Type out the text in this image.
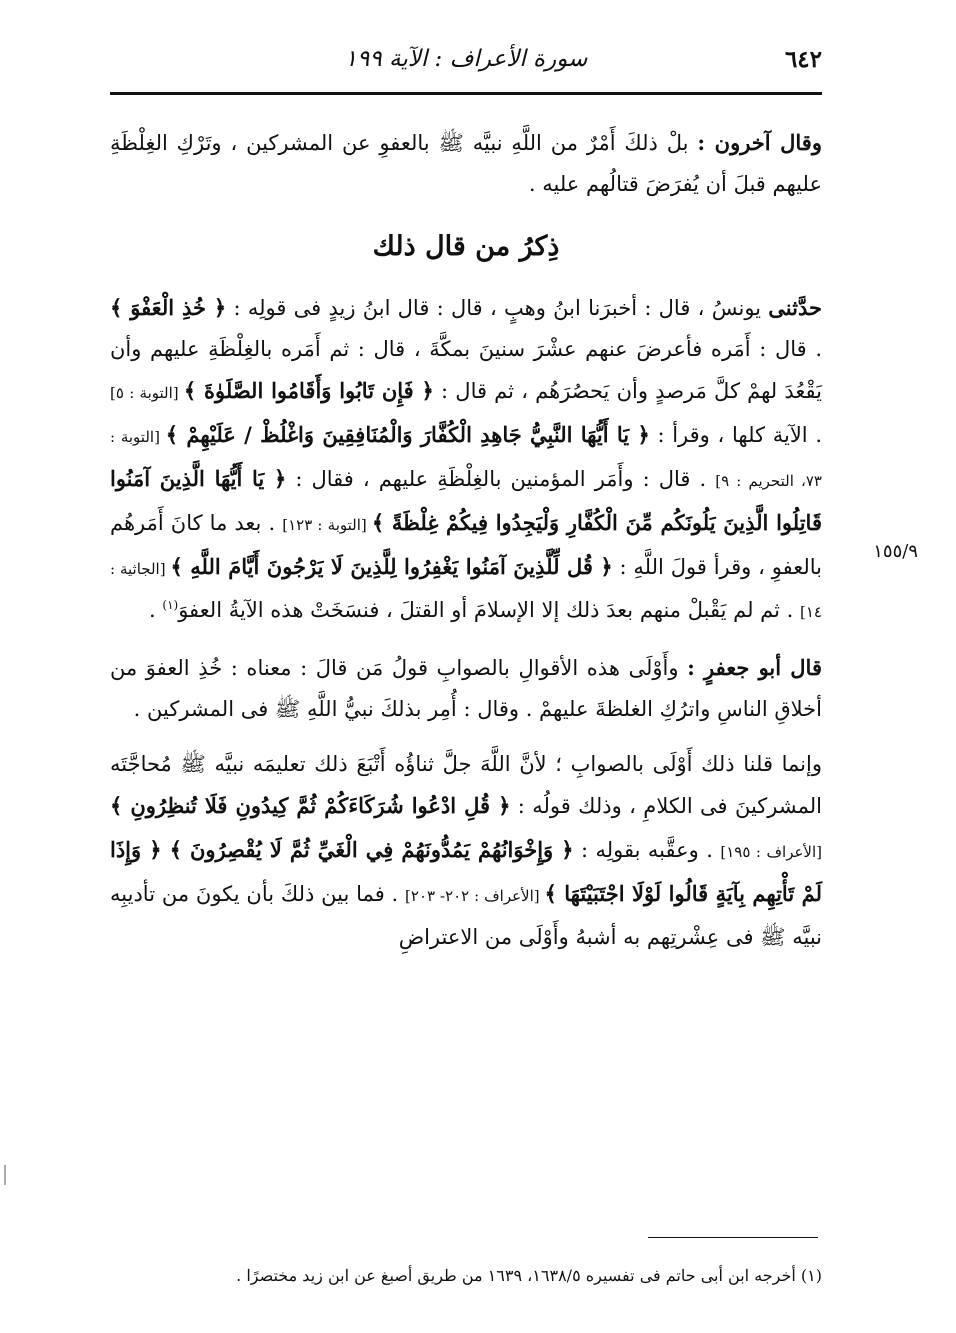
٦٤٢
سورة الأعراف : الآية ١٩٩

وقال آخرون : بلْ ذلكَ أَمْرٌ من اللَّهِ نبيَّه ﷺ بالعفوِ عن المشركين ، وتَرْكِ الغِلْظَةِ عليهم قبلَ أن يُفرَضَ قتالُهم عليه .

ذِكرُ من قال ذلك

حدَّثنى يونسُ ، قال : أخبرَنا ابنُ وهبٍ ، قال : قال ابنُ زيدٍ فى قولِه : ﴿ خُذِ الْعَفْوَ ﴾ . قال : أَمَره فأعرضَ عنهم عشْرَ سنينَ بمكَّةَ ، قال : ثم أَمَره بالغِلْظَةِ عليهم وأن يَقْعُدَ لهمْ كلَّ مَرصدٍ وأن يَحصُرَهُم ، ثم قال : ﴿ فَإِن تَابُوا وَأَقَامُوا الصَّلَوٰةَ ﴾ [التوبة : ٥] . الآية كلها ، وقرأ : ﴿ يَا أَيُّهَا النَّبِيُّ جَاهِدِ الْكُفَّارَ وَالْمُنَافِقِينَ وَاغْلُظْ / عَلَيْهِمْ ﴾ [التوبة : ٧٣، التحريم : ٩] . قال : وأَمَر المؤمنين بالغِلْظَةِ عليهم ، فقال : ﴿ يَا أَيُّهَا الَّذِينَ آمَنُوا قَاتِلُوا الَّذِينَ يَلُونَكُم مِّنَ الْكُفَّارِ وَلْيَجِدُوا فِيكُمْ غِلْظَةً ﴾ [التوبة : ١٢٣] . بعد ما كانَ أَمَرهُم بالعفوِ ، وقرأ قولَ اللَّهِ : ﴿ قُل لِّلَّذِينَ آمَنُوا يَغْفِرُوا لِلَّذِينَ لَا يَرْجُونَ أَيَّامَ اللَّهِ ﴾ [الجاثية : ١٤] . ثم لم يَقْبلْ منهم بعدَ ذلك إلا الإسلامَ أو القتلَ ، فنسَخَتْ هذه الآيةُ العفوَ$^{(١)}$ .

قال أبو جعفرٍ : وأَوْلَى هذه الأقوالِ بالصوابِ قولُ مَن قالَ : معناه : خُذِ العفوَ من أخلاقِ الناسِ واترُكِ الغلظةَ عليهمْ . وقال : أُمِر بذلكَ نبيُّ اللَّهِ ﷺ فى المشركين .

وإنما قلنا ذلك أَوْلَى بالصوابِ ؛ لأنَّ اللَّهَ جلَّ ثناؤُه أَتْبَعَ ذلك تعليمَه نبيَّه ﷺ مُحاجَّتَه المشركينَ فى الكلامِ ، وذلك قولُه : ﴿ قُلِ ادْعُوا شُرَكَاءَكُمْ ثُمَّ كِيدُونِ فَلَا تُنظِرُونِ ﴾ [الأعراف : ١٩٥] . وعقَّبه بقولِه : ﴿ وَإِخْوَانُهُمْ يَمُدُّونَهُمْ فِي الْغَيِّ ثُمَّ لَا يُقْصِرُونَ ﴾ ﴿ وَإِذَا لَمْ تَأْتِهِم بِآيَةٍ قَالُوا لَوْلَا اجْتَبَيْتَهَا ﴾ [الأعراف : ٢٠٢- ٢٠٣] . فما بين ذلكَ بأن يكونَ من تأديبِه نبيَّه ﷺ فى عِشْرتِهم به أشبهُ وأَوْلَى من الاعتراضِ

١٥٥/٩
(١) أخرجه ابن أبى حاتم فى تفسيره ١٦٣٨/٥، ١٦٣٩ من طريق أصبغ عن ابن زيد مختصرًا .
